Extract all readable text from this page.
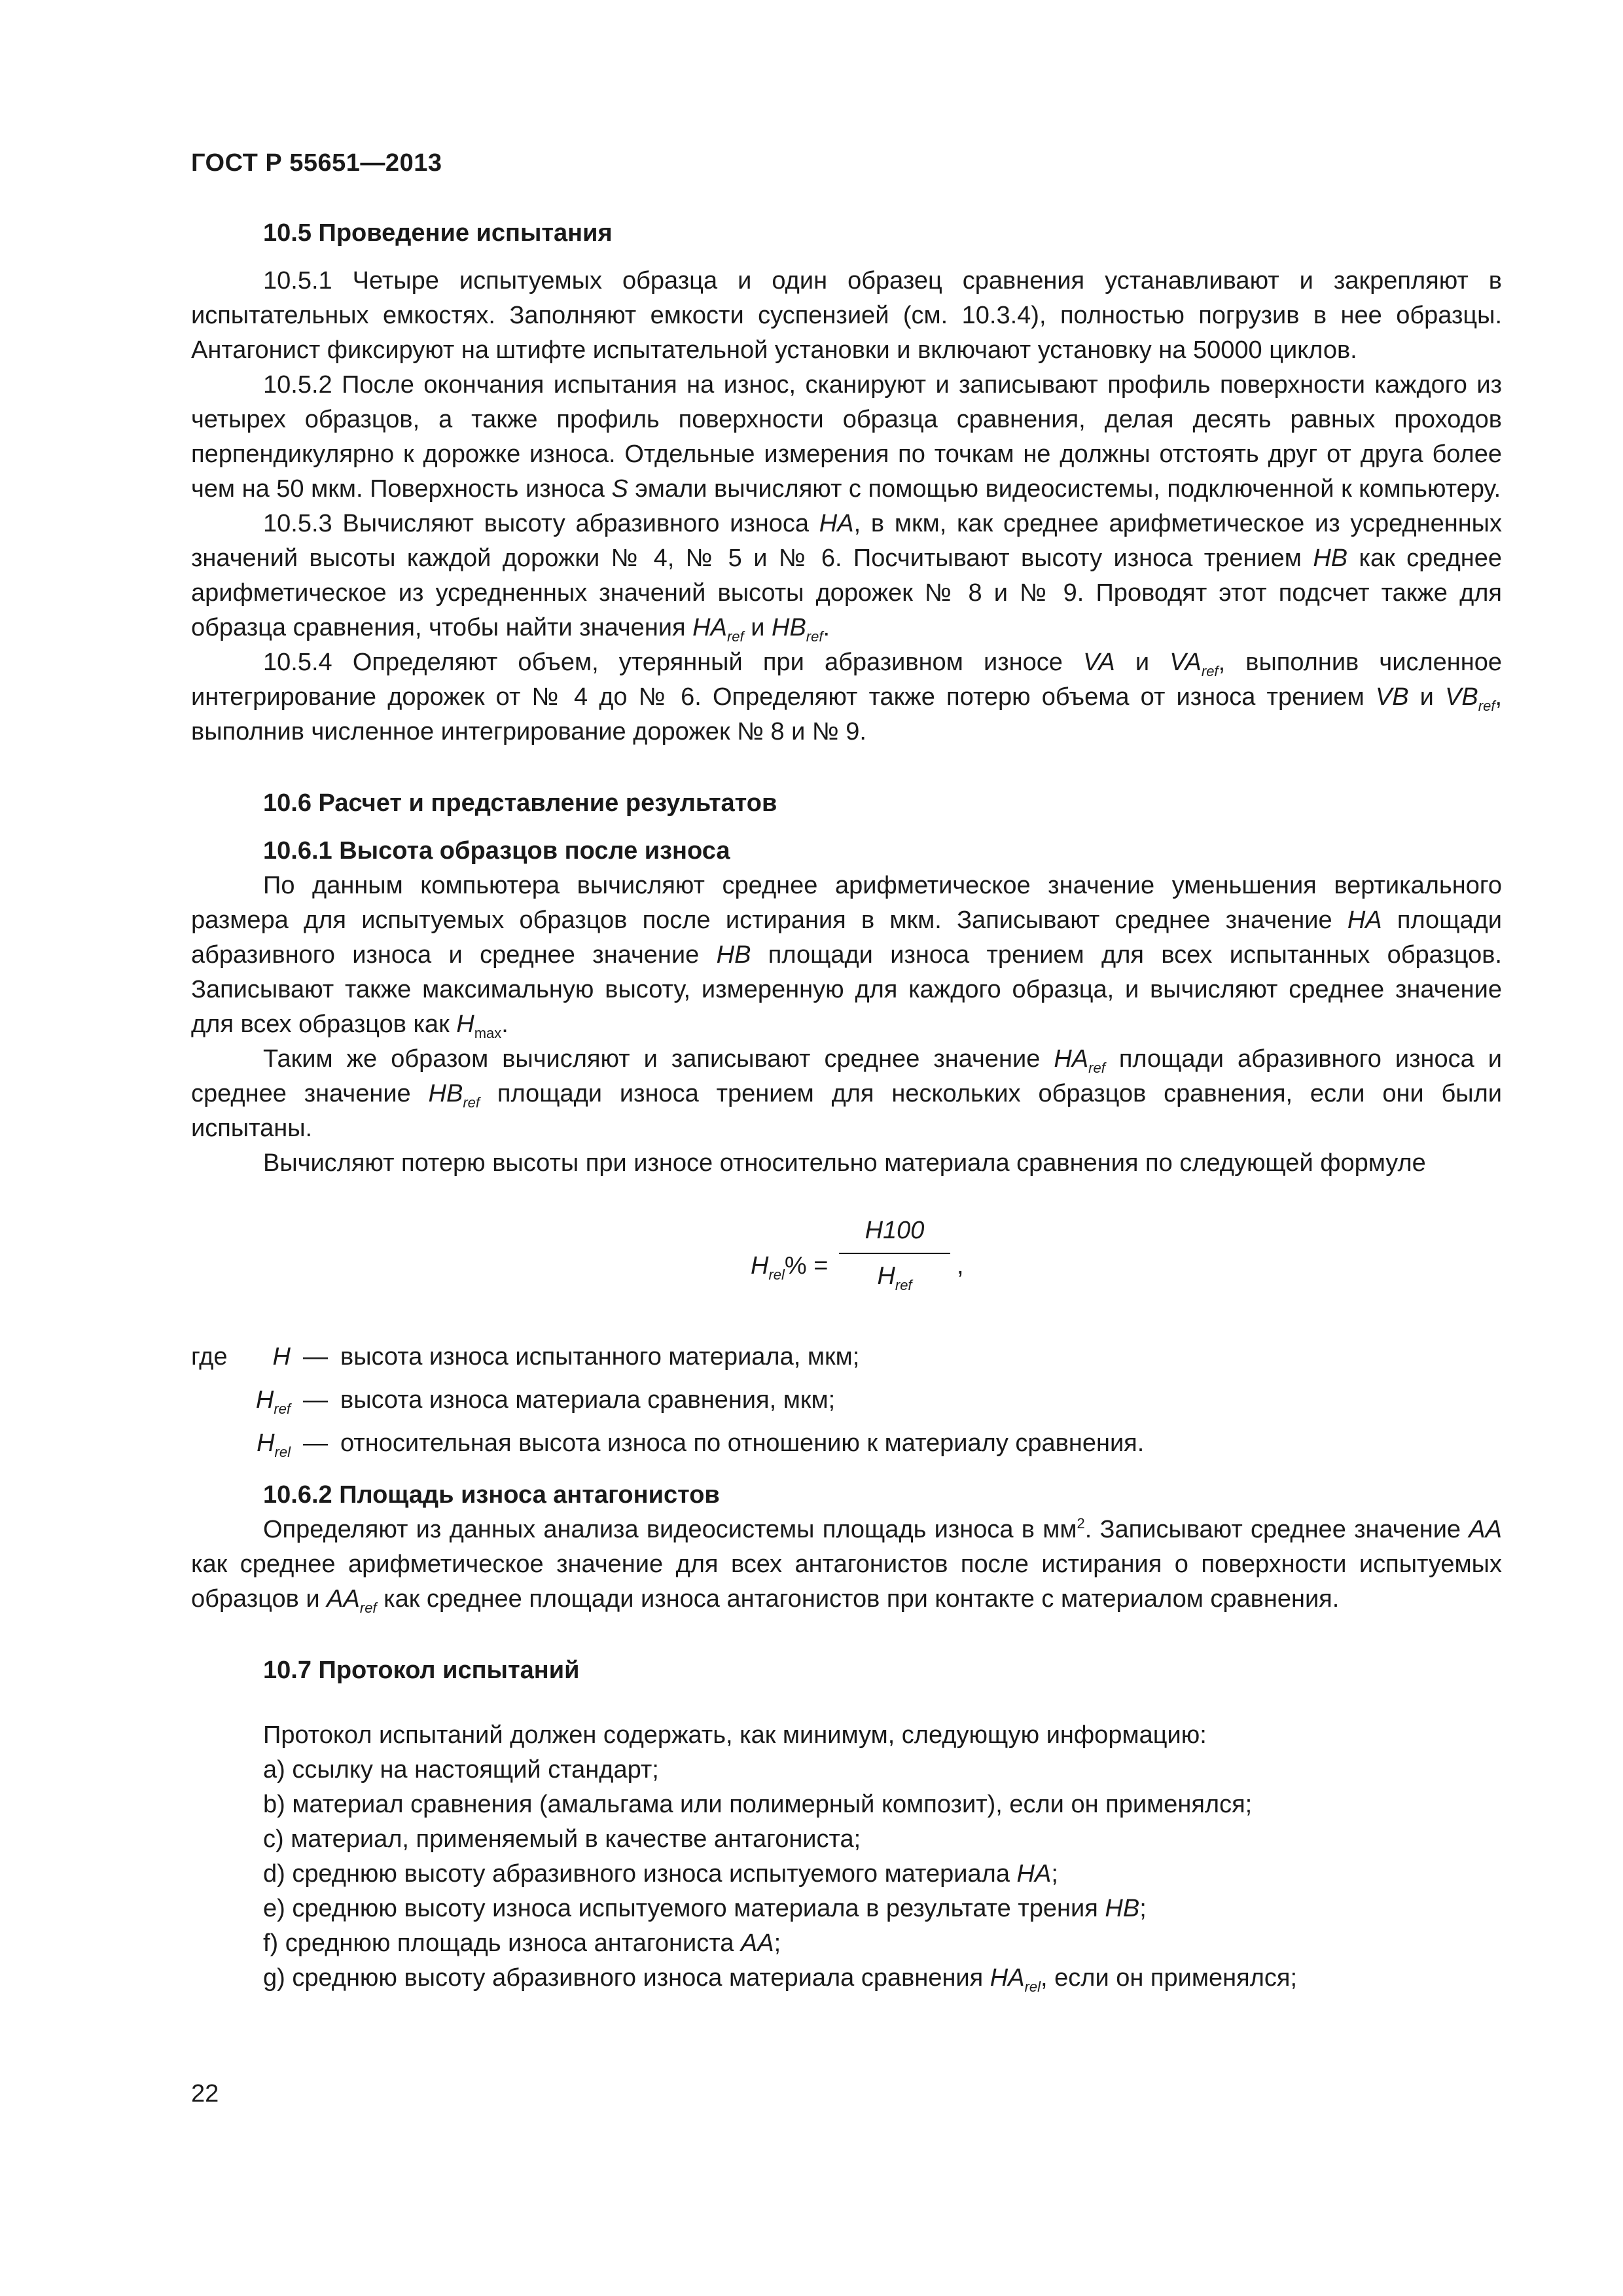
ГОСТ Р 55651—2013
10.5 Проведение испытания

10.5.1 Четыре испытуемых образца и один образец сравнения устанавливают и закрепляют в испытательных емкостях. Заполняют емкости суспензией (см. 10.3.4), полностью погрузив в нее образцы. Антагонист фиксируют на штифте испытательной установки и включают установку на 50000 циклов.

10.5.2 После окончания испытания на износ, сканируют и записывают профиль поверхности каждого из четырех образцов, а также профиль поверхности образца сравнения, делая десять равных проходов перпендикулярно к дорожке износа. Отдельные измерения по точкам не должны отстоять друг от друга более чем на 50 мкм. Поверхность износа S эмали вычисляют с помощью видеосистемы, подключенной к компьютеру.

10.5.3 Вычисляют высоту абразивного износа HA, в мкм, как среднее арифметическое из усредненных значений высоты каждой дорожки № 4, № 5 и № 6. Посчитывают высоту износа трением HB как среднее арифметическое из усредненных значений высоты дорожек № 8 и № 9. Проводят этот подсчет также для образца сравнения, чтобы найти значения $HA_{ref}$ и $HB_{ref}$.

10.5.4 Определяют объем, утерянный при абразивном износе VA и $VA_{ref}$, выполнив численное интегрирование дорожек от № 4 до № 6. Определяют также потерю объема от износа трением VB и $VB_{ref}$, выполнив численное интегрирование дорожек № 8 и № 9.

10.6 Расчет и представление результатов
10.6.1 Высота образцов после износа

По данным компьютера вычисляют среднее арифметическое значение уменьшения вертикального размера для испытуемых образцов после истирания в мкм. Записывают среднее значение HA площади абразивного износа и среднее значение HB площади износа трением для всех испытанных образцов. Записывают также максимальную высоту, измеренную для каждого образца, и вычисляют среднее значение для всех образцов как $H_{max}$.

Таким же образом вычисляют и записывают среднее значение $HA_{ref}$ площади абразивного износа и среднее значение $HB_{ref}$ площади износа трением для нескольких образцов сравнения, если они были испытаны.

Вычисляют потерю высоты при износе относительно материала сравнения по следующей формуле

$H_{rel}\%$ =
H100
$H_{ref}$
,
где	H — высота износа испытанного материала, мкм;
$H_{ref}$ — высота износа материала сравнения, мкм;
$H_{rel}$ — относительная высота износа по отношению к материалу сравнения.
10.6.2 Площадь износа антагонистов

Определяют из данных анализа видеосистемы площадь износа в $мм^2$. Записывают среднее значение AA как среднее арифметическое значение для всех антагонистов после истирания о поверхности испытуемых образцов и $AA_{ref}$ как среднее площади износа антагонистов при контакте с материалом сравнения.

10.7 Протокол испытаний
Протокол испытаний должен содержать, как минимум, следующую информацию:
а) ссылку на настоящий стандарт;
b) материал сравнения (амальгама или полимерный композит), если он применялся;
c) материал, применяемый в качестве антагониста;
d) среднюю высоту абразивного износа испытуемого материала HA;
е) среднюю высоту износа испытуемого материала в результате трения HB;
f) среднюю площадь износа антагониста AA;
g) среднюю высоту абразивного износа материала сравнения $HA_{rel}$, если он применялся;
22
